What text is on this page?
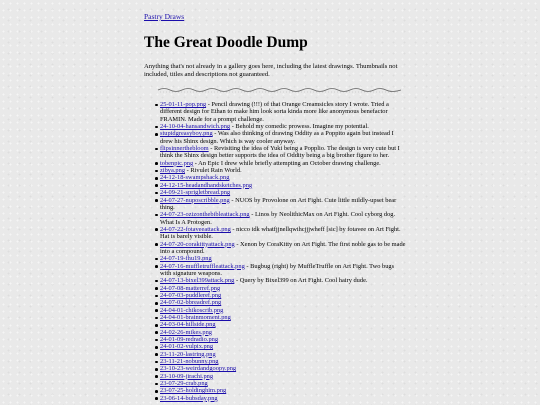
Pastry Draws
The Great Doodle Dump

Anything that's not already in a gallery goes here, including the latest drawings. Thumbnails not included, titles and descriptions not guaranteed.

25-01-11-pop.png - Pencil drawing (!!!) of that Orange Creamsicles story I wrote. Tried a different design for Ethan to make him look sorta kinda more like anonymous benefactor FRAMIN. Made for a prompt challenge.
24-10-04-hansandwich.png - Behold my comedic prowess. Imagine my potential.
stupidgreasyboy.png - Was also thinking of drawing Oddity as a Poppito again but instead I drew his Shinx design. Which is way cooler anyway.
flipsinnerthebloom - Revisiting the idea of Yuki being a Popplio. The design is very cute but I think the Shinx design better supports the idea of Oddity being a big brother figure to her.
tobenpic.png - An Epic I drew while briefly attempting an October drawing challenge.
zibya.png - Rivulet Rain World.
24-12-18-swampshack.png
24-12-15-headandhandsketches.png
24-09-21-sprigletbread.png
24-07-27-nuposcribble.png - NUOS by Provolone on Art Fight. Cute little mildly-upset bear thing.
24-07-23-ozizonthebibleattack.png - Linos by NeolithicMax on Art Fight. Cool cyborg dog. What Is A Protogen.
24-07-22-fotaveeattack.png - nicco idk whatfjjnellqwihcjjjwheff [sic] by fotavee on Art Fight. Hat is barely visible.
24-07-20-corakittyattack.png - Xenon by CoraKitty on Art Fight. The first noble gas to be made into a compound.
24-07-19-fhu19.png
24-07-16-muffletruffleattack.png - Bugbug (right) by MuffleTruffle on Art Fight. Two bugs with signature weapons.
24-07-13-bixel399attack.png - Query by Bixel399 on Art Fight. Cool hairy dude.
24-07-08-matterref.png
24-07-03-puddleref.png
24-07-02-bbreadref.png
24-04-01-chikoscrib.png
24-04-01-brainmoment.png
24-03-04-hillside.png
24-02-26-mikes.png
24-01-09-redradio.png
24-01-02-vulpix.png
23-11-20-lastring.png
23-11-21-nobunny.png
23-10-23-weirdandgoopy.png
23-10-09-jirachi.png
23-07-29-crab.png
23-07-25-holdinghim.png
23-06-14-bubsday.png
